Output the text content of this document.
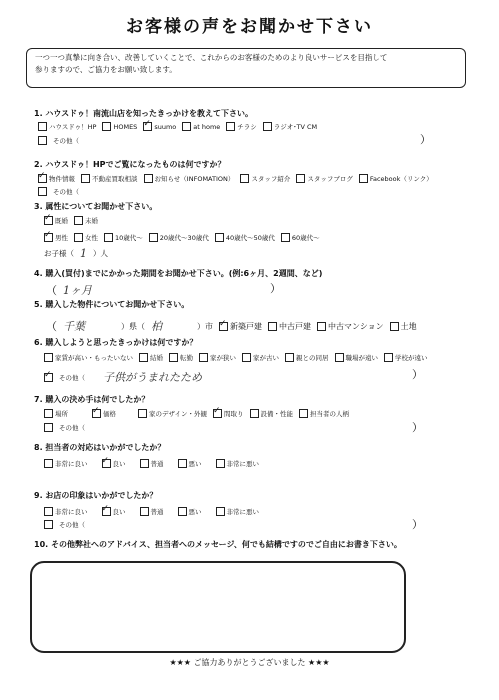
お客様の声をお聞かせ下さい
一つ一つ真摯に向き合い、改善していくことで、これからのお客様のためのより良いサービスを目指して
参りますので、ご協力をお願い致します。
1. ハウスドゥ！南流山店を知ったきっかけを教えて下さい。
ハウスドゥ！HP	HOMES ✓	suumo	at home	チラシ	ラジオ･TV CM
その他（	）
2. ハウスドゥ！HPでご覧になったものは何ですか？
✓
物件情報	不動産買取相談	お知らせ（INFOMATION）	スタッフ紹介	スタッフブログ	Facebook（リンク）
その他（
3. 属性についてお聞かせ下さい。
✓
既婚	未婚
✓
男性	女性	10歳代～	20歳代～30歳代	40歳代～50歳代	60歳代～
お子様（ 1 ）人
4. 購入(買付)までにかかった期間をお聞かせ下さい。(例:6ヶ月、2週間、など)
（ 1ヶ月	）
5. 購入した物件についてお聞かせ下さい。
（ 千葉	）県（ 柏	）市 ✓ 新築戸建 中古戸建 中古マンション 土地
6. 購入しようと思ったきっかけは何ですか？
家賃が高い・もったいない	結婚	転勤	家が狭い	家が古い	親との同居	職場が遠い	学校が遠い
✓
その他（ 子供がうまれたため	）
7. 購入の決め手は何でしたか？
場所 ✓	価格	家のデザイン・外観 ✓	間取り	設備・性能	担当者の人柄
その他（	）
8. 担当者の対応はいかがでしたか？
非常に良い ✓	良い	普通	悪い	非常に悪い
9. お店の印象はいかがでしたか？
非常に良い ✓	良い	普通	悪い	非常に悪い
その他（	）
10. その他弊社へのアドバイス、担当者へのメッセージ、何でも結構ですのでご自由にお書き下さい。
★★★ ご協力ありがとうございました ★★★
